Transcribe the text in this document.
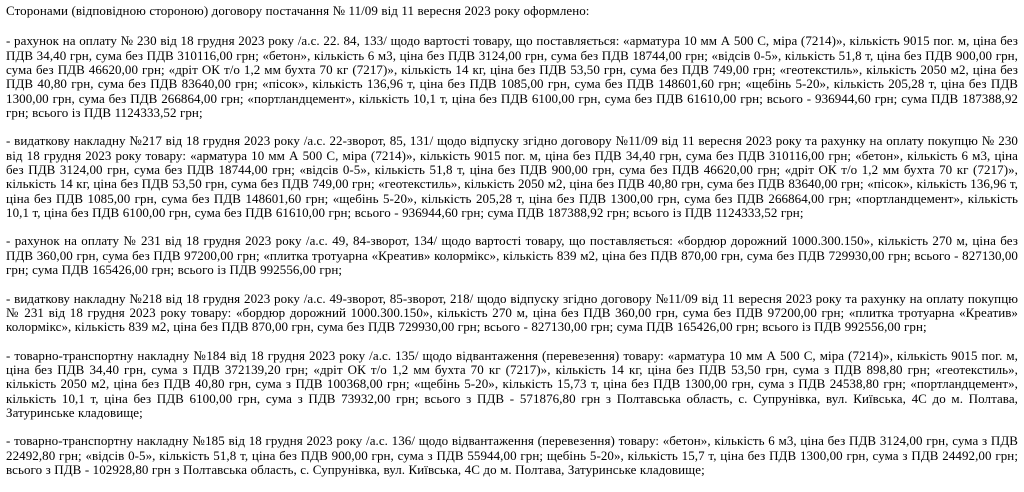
Сторонами (відповідною стороною) договору постачання № 11/09 від 11 вересня 2023 року оформлено:

- рахунок на оплату № 230 від 18 грудня 2023 року /а.с. 22. 84, 133/ щодо вартості товару, що поставляється: «арматура 10 мм А 500 С, міра (7214)», кількість 9015 пог. м, ціна без ПДВ 34,40 грн, сума без ПДВ 310116,00 грн; «бетон», кількість 6 м3, ціна без ПДВ 3124,00 грн, сума без ПДВ 18744,00 грн; «відсів 0-5», кількість 51,8 т, ціна без ПДВ 900,00 грн, сума без ПДВ 46620,00 грн; «дріт ОК т/о 1,2 мм бухта 70 кг (7217)», кількість 14 кг, ціна без ПДВ 53,50 грн, сума без ПДВ 749,00 грн; «геотекстиль», кількість 2050 м2, ціна без ПДВ 40,80 грн, сума без ПДВ 83640,00 грн; «пісок», кількість 136,96 т, ціна без ПДВ 1085,00 грн, сума без ПДВ 148601,60 грн; «щебінь 5-20», кількість 205,28 т, ціна без ПДВ 1300,00 грн, сума без ПДВ 266864,00 грн; «портландцемент», кількість 10,1 т, ціна без ПДВ 6100,00 грн, сума без ПДВ 61610,00 грн; всього - 936944,60 грн; сума ПДВ 187388,92 грн; всього із ПДВ 1124333,52 грн;

- видаткову накладну №217 від 18 грудня 2023 року /а.с. 22-зворот, 85, 131/ щодо відпуску згідно договору №11/09 від 11 вересня 2023 року та рахунку на оплату покупцю № 230 від 18 грудня 2023 року товару: «арматура 10 мм А 500 С, міра (7214)», кількість 9015 пог. м, ціна без ПДВ 34,40 грн, сума без ПДВ 310116,00 грн; «бетон», кількість 6 м3, ціна без ПДВ 3124,00 грн, сума без ПДВ 18744,00 грн; «відсів 0-5», кількість 51,8 т, ціна без ПДВ 900,00 грн, сума без ПДВ 46620,00 грн; «дріт ОК т/о 1,2 мм бухта 70 кг (7217)», кількість 14 кг, ціна без ПДВ 53,50 грн, сума без ПДВ 749,00 грн; «геотекстиль», кількість 2050 м2, ціна без ПДВ 40,80 грн, сума без ПДВ 83640,00 грн; «пісок», кількість 136,96 т, ціна без ПДВ 1085,00 грн, сума без ПДВ 148601,60 грн; «щебінь 5-20», кількість 205,28 т, ціна без ПДВ 1300,00 грн, сума без ПДВ 266864,00 грн; «портландцемент», кількість 10,1 т, ціна без ПДВ 6100,00 грн, сума без ПДВ 61610,00 грн; всього - 936944,60 грн; сума ПДВ 187388,92 грн; всього із ПДВ 1124333,52 грн;

- рахунок на оплату № 231 від 18 грудня 2023 року /а.с. 49, 84-зворот, 134/ щодо вартості товару, що поставляється: «бордюр дорожний 1000.300.150», кількість 270 м, ціна без ПДВ 360,00 грн, сума без ПДВ 97200,00 грн; «плитка тротуарна «Креатив» колормікс», кількість 839 м2, ціна без ПДВ 870,00 грн, сума без ПДВ 729930,00 грн; всього - 827130,00 грн; сума ПДВ 165426,00 грн; всього із ПДВ 992556,00 грн;

- видаткову накладну №218 від 18 грудня 2023 року /а.с. 49-зворот, 85-зворот, 218/ щодо відпуску згідно договору №11/09 від 11 вересня 2023 року та рахунку на оплату покупцю № 231 від 18 грудня 2023 року товару: «бордюр дорожний 1000.300.150», кількість 270 м, ціна без ПДВ 360,00 грн, сума без ПДВ 97200,00 грн; «плитка тротуарна «Креатив» колормікс», кількість 839 м2, ціна без ПДВ 870,00 грн, сума без ПДВ 729930,00 грн; всього - 827130,00 грн; сума ПДВ 165426,00 грн; всього із ПДВ 992556,00 грн;

- товарно-транспортну накладну №184 від 18 грудня 2023 року /а.с. 135/ щодо відвантаження (перевезення) товару: «арматура 10 мм А 500 С, міра (7214)», кількість 9015 пог. м, ціна без ПДВ 34,40 грн, сума з ПДВ 372139,20 грн; «дріт ОК т/о 1,2 мм бухта 70 кг (7217)», кількість 14 кг, ціна без ПДВ 53,50 грн, сума з ПДВ 898,80 грн; «геотекстиль», кількість 2050 м2, ціна без ПДВ 40,80 грн, сума з ПДВ 100368,00 грн; «щебінь 5-20», кількість 15,73 т, ціна без ПДВ 1300,00 грн, сума з ПДВ 24538,80 грн; «портландцемент», кількість 10,1 т, ціна без ПДВ 6100,00 грн, сума з ПДВ 73932,00 грн; всього з ПДВ - 571876,80 грн з Полтавська область, с. Супрунівка, вул. Київська, 4С до м. Полтава, Затуринське кладовище;

- товарно-транспортну накладну №185 від 18 грудня 2023 року /а.с. 136/ щодо відвантаження (перевезення) товару: «бетон», кількість 6 м3, ціна без ПДВ 3124,00 грн, сума з ПДВ 22492,80 грн; «відсів 0-5», кількість 51,8 т, ціна без ПДВ 900,00 грн, сума з ПДВ 55944,00 грн; щебінь 5-20», кількість 15,7 т, ціна без ПДВ 1300,00 грн, сума з ПДВ 24492,00 грн; всього з ПДВ - 102928,80 грн з Полтавська область, с. Супрунівка, вул. Київська, 4С до м. Полтава, Затуринське кладовище;
